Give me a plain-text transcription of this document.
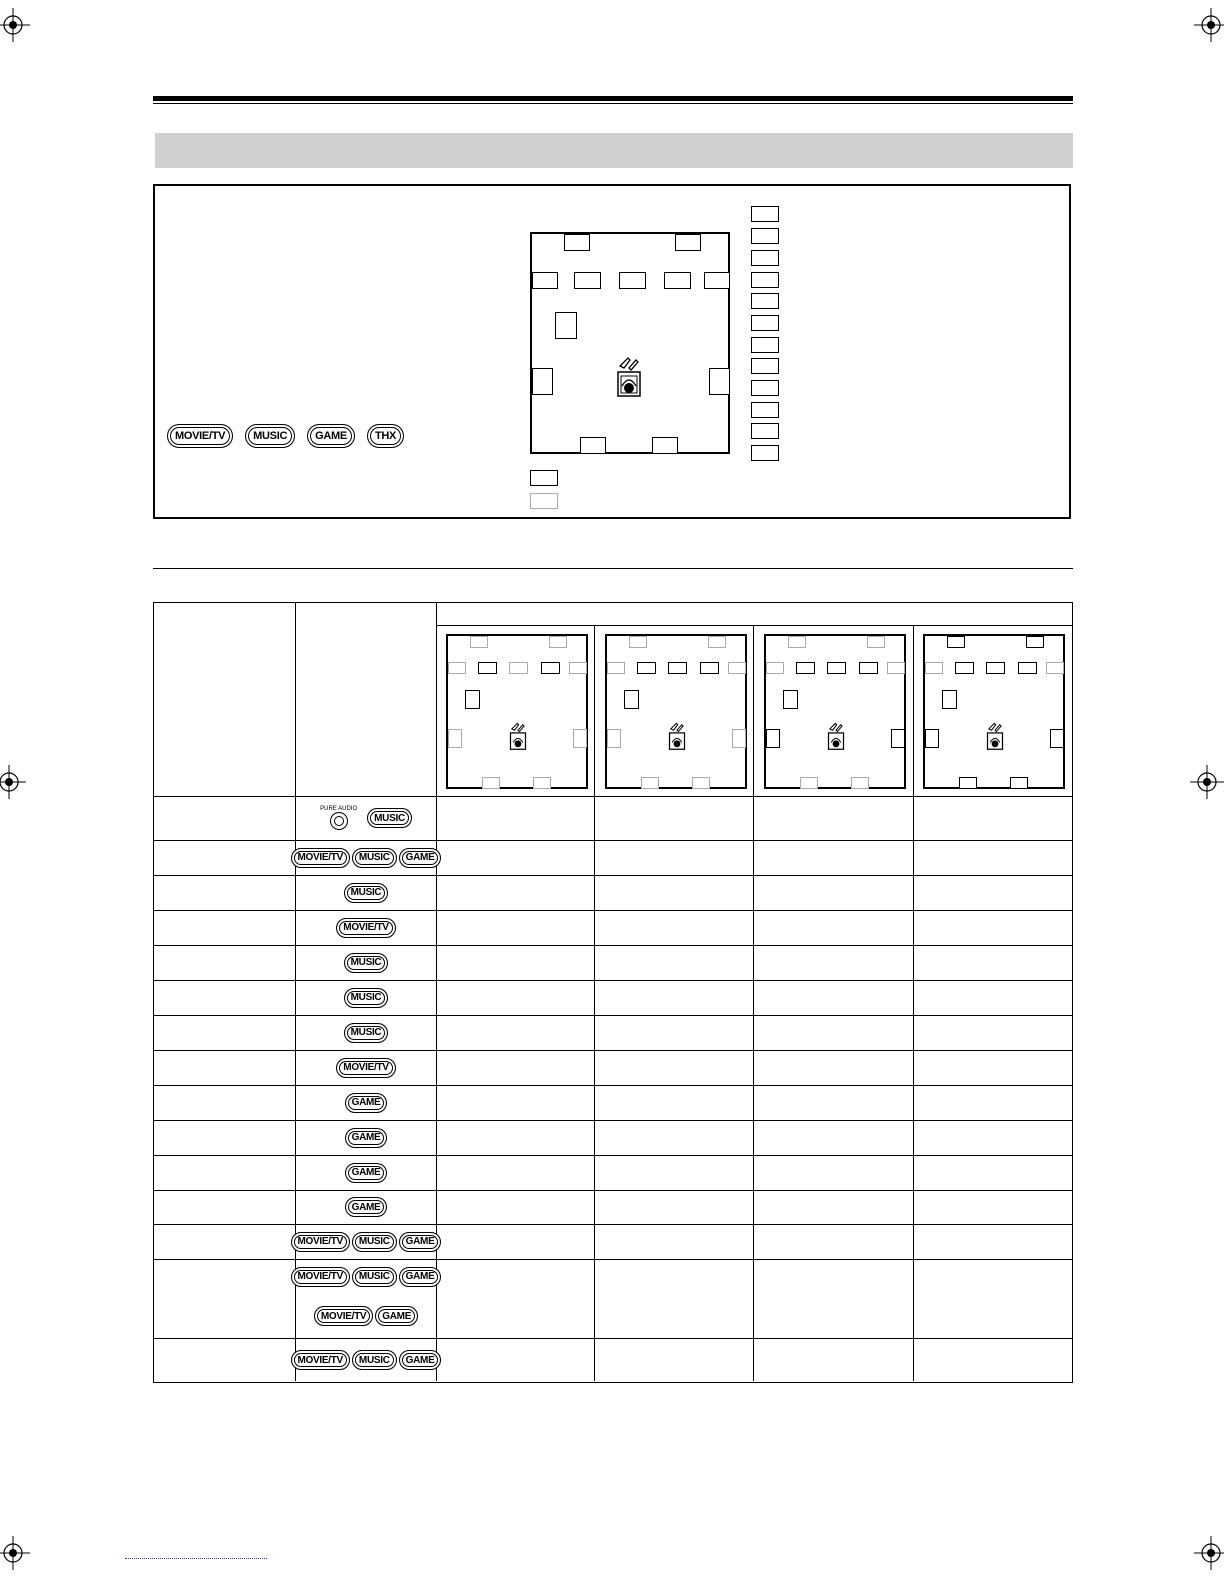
MOVIE/TV	MUSIC	GAME	THX
PURE AUDIO
MUSIC
MOVIE/TV	MUSIC	GAME
MUSIC
MOVIE/TV
MUSIC
MUSIC
MUSIC
MOVIE/TV
GAME
GAME
GAME
GAME
MOVIE/TV	MUSIC	GAME
MOVIE/TV	MUSIC	GAME
MOVIE/TV	GAME
MOVIE/TV	MUSIC	GAME
